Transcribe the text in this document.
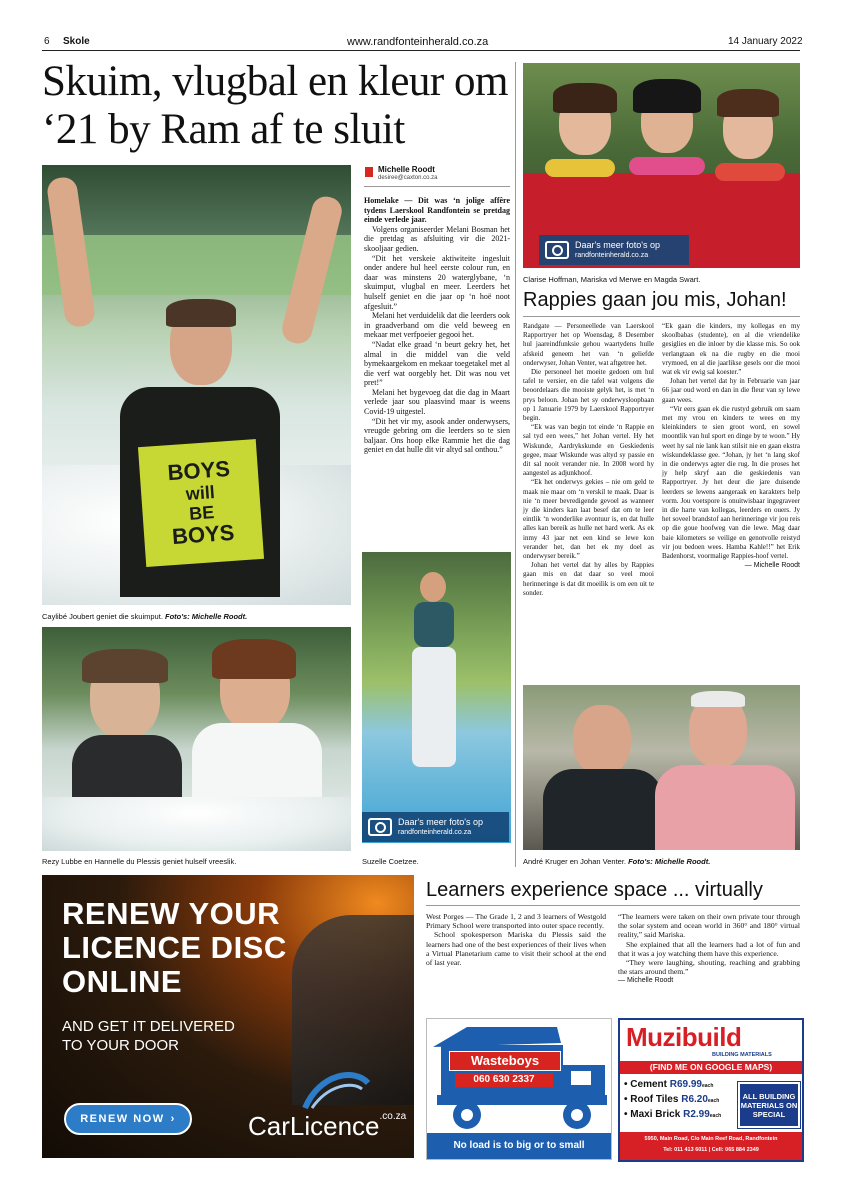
6 Skole	www.randfonteinherald.co.za	14 January 2022
Skuim, vlugbal en kleur om ‘21 by Ram af te sluit
BOYS
will
BE
BOYS
Caylibé Joubert geniet die skuimput. Foto's: Michelle Roodt.
Michelle Roodt
desiree@caxton.co.za

Homelake — Dit was ‘n jolige affêre tydens Laerskool Randfontein se pretdag einde verlede jaar.

Volgens organiseerder Melani Bosman het die pretdag as afsluiting vir die 2021-skooljaar gedien.

“Dit het verskeie aktiwiteite ingesluit onder andere hul heel eerste colour run, en daar was minstens 20 waterglybane, ‘n skuimput, vlugbal en meer. Leerders het hulself geniet en die jaar op ‘n hoë noot afgesluit.”

Melani het verduidelik dat die leerders ook in graadverband om die veld beweeg en mekaar met verfpoeier gegooi het.

“Nadat elke graad ‘n beurt gekry het, het almal in die middel van die veld bymekaargekom en mekaar toegetakel met al die verf wat oorgebly het. Dit was nou vet pret!”

Melani het bygevoeg dat die dag in Maart verlede jaar sou plaasvind maar is weens Covid-19 uitgestel.

“Dit het vir my, asook ander onderwysers, vreugde gebring om die leerders so te sien baljaar. Ons hoop elke Rammie het die dag geniet en dat hulle dit vir altyd sal onthou.”

Daar's meer foto's op
randfonteinherald.co.za
Suzelle Coetzee.
Rezy Lubbe en Hannelle du Plessis geniet hulself vreeslik.
Daar's meer foto's op
randfonteinherald.co.za
Clarise Hoffman, Mariska vd Merwe en Magda Swart.
Rappies gaan jou mis, Johan!

Randgate — Personeellede van Laerskool Rapportryer het op Woensdag, 8 Desember hul jaareindfunksie gehou waartydens hulle afskeid geneem het van ‘n geliefde onderwyser, Johan Venter, wat aftgetree het.

Die personeel het moeite gedoen om hul tafel te versier, en die tafel wat volgens die beoordelaars die mooiste gelyk het, is met ‘n prys beloon. Johan het sy onderwysloopbaan op 1 Januarie 1979 by Laerskool Rapportryer begin.

“Ek was van begin tot einde ‘n Rappie en sal tyd een wees,” het Johan vertel. Hy het Wiskunde, Aardrykskunde en Geskiedenis gegee, maar Wiskunde was altyd sy passie en dit sal nooit verander nie. In 2008 word hy aangestel as adjunkhoof.

“Ek het onderwys gekies – nie om geld te maak nie maar om ‘n verskil te maak. Daar is nie ‘n meer bevredigende gevoel as wanneer jy die kinders kan laat besef dat om te leer eintlik ‘n wonderlike avontuur is, en dat hulle alles kan bereik as hulle net hard werk. As ek inmy 43 jaar net een kind se lewe kon verander het, dan het ek my doel as onderwyser bereik.”

Johan het vertel dat hy alles by Rappies gaan mis en dat daar so veel mooi herinneringe is dat dit moeilik is om een uit te sonder.

“Ek gaan die kinders, my kollegas en my skoolbabas (studente), en al die vriendelike gesiglies en die inloer by die klasse mis. So ook verlangtaan ek na die rugby en die mooi vrymoed, en al die jaarlikse gesels oor die mooi wat ek vir ewig sal koester.”

Johan het vertel dat hy in Februarie van jaar 66 jaar oud word en dan in die fleur van sy lewe gaan wees.

“Vir eers gaan ek die rustyd gebruik om saam met my vrou en kinders te wees en my kleinkinders te sien groot word, en sowel moontlik van hul sport en dinge by te woon.” Hy weet hy sal nie lank kan stilsit nie en gaan ekstra wiskundeklasse gee. “Johan, jy het ‘n lang skof in die onderwys agter die rug. In die proses het jy help skryf aan die geskiedenis van Rapportryer. Jy het deur die jare duisende leerders se lewens aangeraak en karakters help vorm. Jou voetspore is onuitwisbaar ingegraveer in die harte van kollegas, leerders en ouers. Jy het soveel brandstof aan herinneringe vir jou reis op die goue hoofweg van die lewe. Mag daar baie kilometers se veilige en genotvolle reistyd vir jou bedoen wees. Hamba Kahle!!” het Erik Badenhorst, voormalige Rappies-hoof vertel.

— Michelle Roodt

André Kruger en Johan Venter. Foto's: Michelle Roodt.
RENEW YOUR
LICENCE DISC
ONLINE
AND GET IT DELIVERED
TO YOUR DOOR
RENEW NOW ›	CarLicence$^{.co.za}$
Learners experience space ... virtually

West Porges — The Grade 1, 2 and 3 learners of Westgold Primary School were transported into outer space recently.

School spokesperson Mariska du Plessis said the learners had one of the best experiences of their lives when a Virtual Planetarium came to visit their school at the end of last year.

“The learners were taken on their own private tour through the solar system and ocean world in 360° and 180° virtual reality,” said Mariska.

She explained that all the learners had a lot of fun and that it was a joy watching them have this experience.

“They were laughing, shouting, reaching and grabbing the stars around them.”

— Michelle Roodt

Wasteboys
060 630 2337
No load is to big or to small
Muzibuild
BUILDING MATERIALS
(FIND ME ON GOOGLE MAPS)
• Cement R69.99each
• Roof Tiles R6.20each
• Maxi Brick R2.99each
ALL BUILDING MATERIALS ON SPECIAL
5950, Main Road, C/o Main Reef Road, Randfontein
Tel: 011 413 6011 | Cell: 065 884 2349
